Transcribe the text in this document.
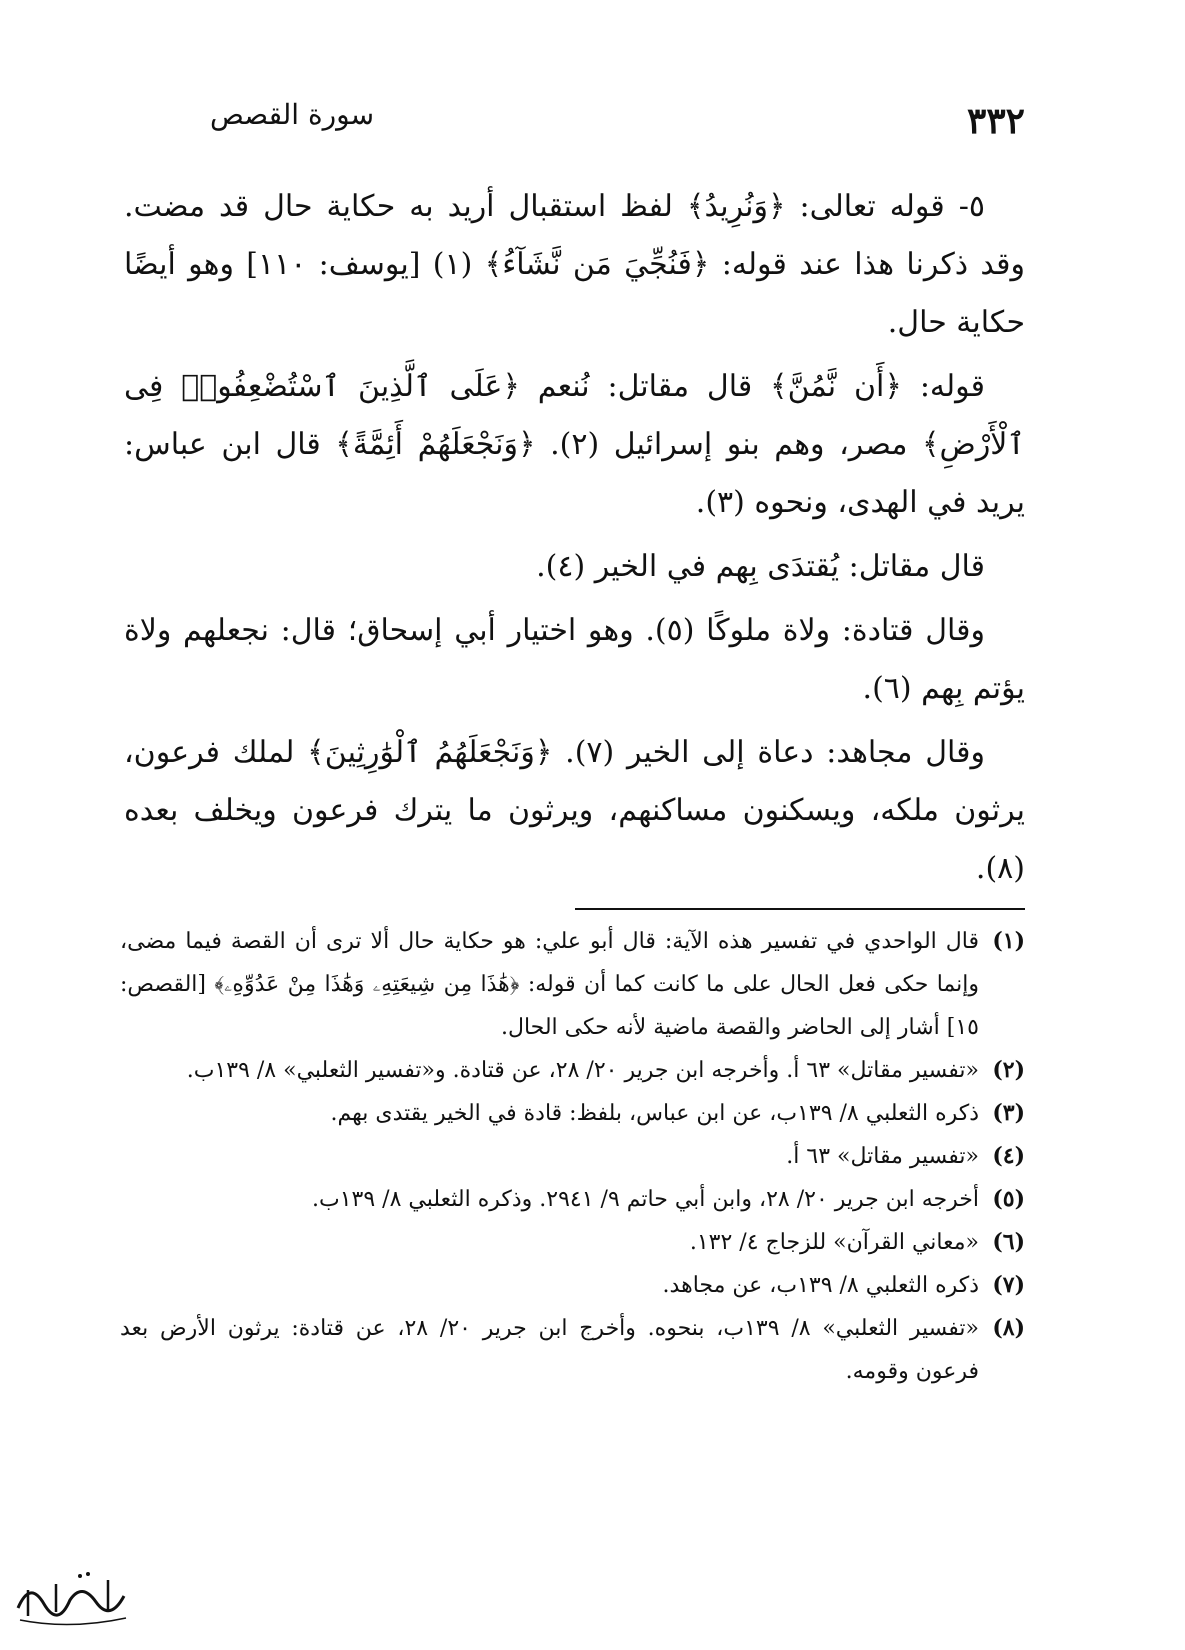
٣٣٢
سورة القصص

٥- قوله تعالى: ﴿وَنُرِيدُ﴾ لفظ استقبال أريد به حكاية حال قد مضت. وقد ذكرنا هذا عند قوله: ﴿فَنُجِّيَ مَن نَّشَآءُ﴾ (١) [يوسف: ١١٠] وهو أيضًا حكاية حال.

قوله: ﴿أَن نَّمُنَّ﴾ قال مقاتل: نُنعم ﴿عَلَى ٱلَّذِينَ ٱسْتُضْعِفُوا۟ فِى ٱلْأَرْضِ﴾ مصر، وهم بنو إسرائيل (٢). ﴿وَنَجْعَلَهُمْ أَئِمَّةً﴾ قال ابن عباس: يريد في الهدى، ونحوه (٣).

قال مقاتل: يُقتدَى بِهم في الخير (٤).

وقال قتادة: ولاة ملوكًا (٥). وهو اختيار أبي إسحاق؛ قال: نجعلهم ولاة يؤتم بِهم (٦).

وقال مجاهد: دعاة إلى الخير (٧). ﴿وَنَجْعَلَهُمُ ٱلْوَٰرِثِينَ﴾ لملك فرعون، يرثون ملكه، ويسكنون مساكنهم، ويرثون ما يترك فرعون ويخلف بعده (٨).

(١)
قال الواحدي في تفسير هذه الآية: قال أبو علي: هو حكاية حال ألا ترى أن القصة فيما مضى، وإنما حكى فعل الحال على ما كانت كما أن قوله: ﴿هَٰذَا مِن شِيعَتِهِۦ وَهَٰذَا مِنْ عَدُوِّهِۦ﴾ [القصص: ١٥] أشار إلى الحاضر والقصة ماضية لأنه حكى الحال.

(٢)
«تفسير مقاتل» ٦٣ أ. وأخرجه ابن جرير ٢٠/ ٢٨، عن قتادة. و«تفسير الثعلبي» ٨/ ١٣٩ب.

(٣)
ذكره الثعلبي ٨/ ١٣٩ب، عن ابن عباس، بلفظ: قادة في الخير يقتدى بهم.

(٤)
«تفسير مقاتل» ٦٣ أ.

(٥)
أخرجه ابن جرير ٢٠/ ٢٨، وابن أبي حاتم ٩/ ٢٩٤١. وذكره الثعلبي ٨/ ١٣٩ب.

(٦)
«معاني القرآن» للزجاج ٤/ ١٣٢.

(٧)
ذكره الثعلبي ٨/ ١٣٩ب، عن مجاهد.

(٨)
«تفسير الثعلبي» ٨/ ١٣٩ب، بنحوه. وأخرج ابن جرير ٢٠/ ٢٨، عن قتادة: يرثون الأرض بعد فرعون وقومه.
